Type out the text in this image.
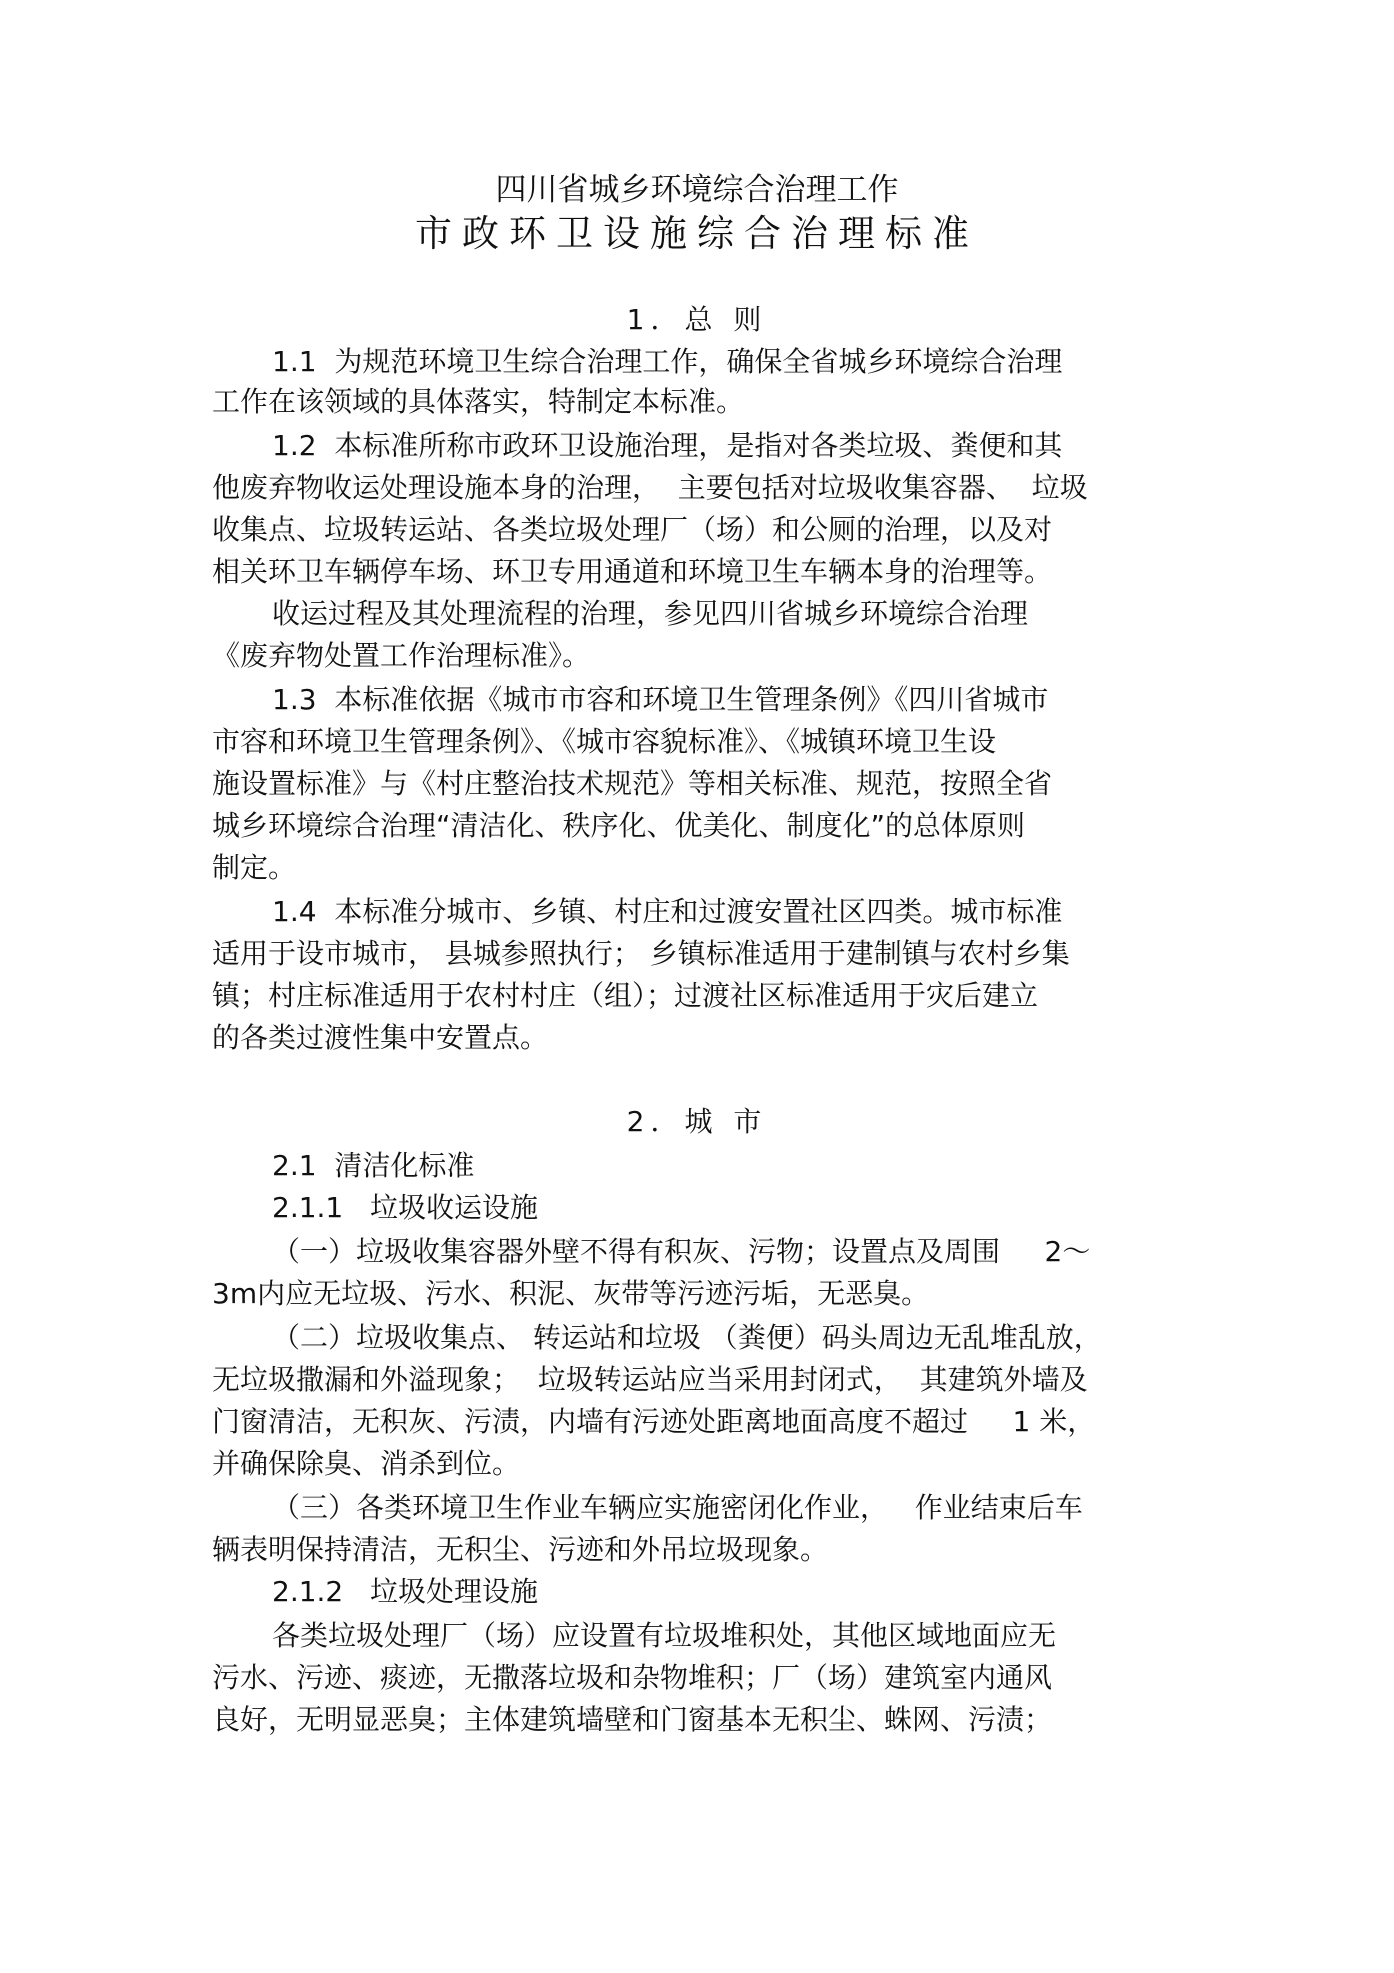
四川省城乡环境综合治理工作
市政环卫设施综合治理标准
1．总 则
1.1  为规范环境卫生综合治理工作，确保全省城乡环境综合治理
工作在该领域的具体落实，特制定本标准。
1.2  本标准所称市政环卫设施治理，是指对各类垃圾、粪便和其
他废弃物收运处理设施本身的治理，  主要包括对垃圾收集容器、  垃圾
收集点、垃圾转运站、各类垃圾处理厂（场）和公厕的治理，以及对
相关环卫车辆停车场、环卫专用通道和环境卫生车辆本身的治理等。
收运过程及其处理流程的治理，参见四川省城乡环境综合治理
《废弃物处置工作治理标准》。
1.3  本标准依据《城市市容和环境卫生管理条例》《四川省城市
市容和环境卫生管理条例》、《城市容貌标准》、《城镇环境卫生设
施设置标准》与《村庄整治技术规范》等相关标准、规范，按照全省
城乡环境综合治理“清洁化、秩序化、优美化、制度化”的总体原则
制定。
1.4  本标准分城市、乡镇、村庄和过渡安置社区四类。城市标准
适用于设市城市， 县城参照执行； 乡镇标准适用于建制镇与农村乡集
镇；村庄标准适用于农村村庄（组）；过渡社区标准适用于灾后建立
的各类过渡性集中安置点。
2．城 市
2.1  清洁化标准
2.1.1   垃圾收运设施
（一）垃圾收集容器外壁不得有积灰、污物；设置点及周围     2～
3m内应无垃圾、污水、积泥、灰带等污迹污垢，无恶臭。
（二）垃圾收集点、 转运站和垃圾 （粪便）码头周边无乱堆乱放，
无垃圾撒漏和外溢现象；  垃圾转运站应当采用封闭式，  其建筑外墙及
门窗清洁，无积灰、污渍，内墙有污迹处距离地面高度不超过     1 米，
并确保除臭、消杀到位。
（三）各类环境卫生作业车辆应实施密闭化作业，   作业结束后车
辆表明保持清洁，无积尘、污迹和外吊垃圾现象。
2.1.2   垃圾处理设施
各类垃圾处理厂（场）应设置有垃圾堆积处，其他区域地面应无
污水、污迹、痰迹，无撒落垃圾和杂物堆积；厂（场）建筑室内通风
良好，无明显恶臭；主体建筑墙壁和门窗基本无积尘、蛛网、污渍；
